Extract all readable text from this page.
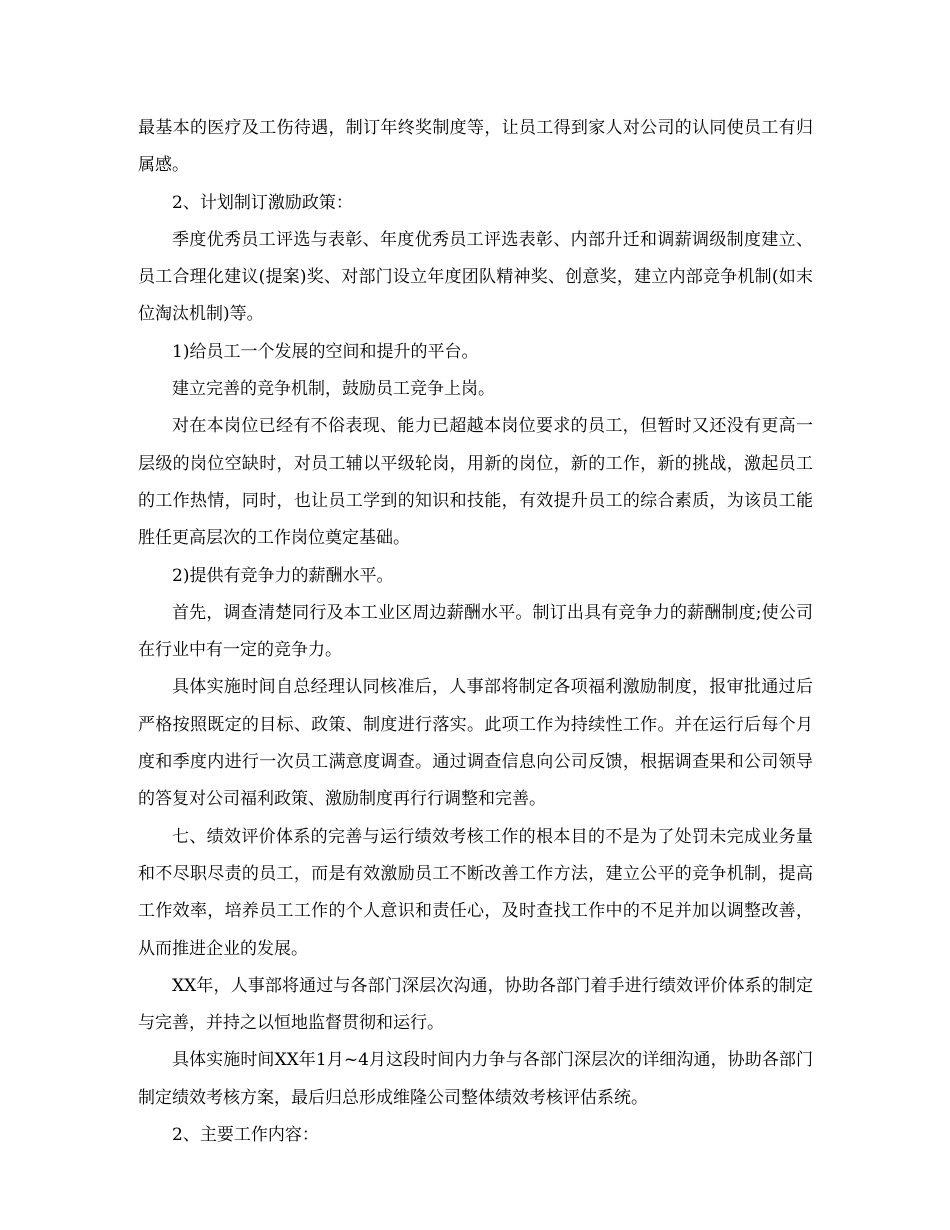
最基本的医疗及工伤待遇，制订年终奖制度等，让员工得到家人对公司的认同使员工有归属感。

2、计划制订激励政策：

季度优秀员工评选与表彰、年度优秀员工评选表彰、内部升迁和调薪调级制度建立、员工合理化建议(提案)奖、对部门设立年度团队精神奖、创意奖，建立内部竞争机制(如末位淘汰机制)等。

1)给员工一个发展的空间和提升的平台。

建立完善的竞争机制，鼓励员工竞争上岗。

对在本岗位已经有不俗表现、能力已超越本岗位要求的员工，但暂时又还没有更高一层级的岗位空缺时，对员工辅以平级轮岗，用新的岗位，新的工作，新的挑战，激起员工的工作热情，同时，也让员工学到的知识和技能，有效提升员工的综合素质，为该员工能胜任更高层次的工作岗位奠定基础。

2)提供有竞争力的薪酬水平。

首先，调查清楚同行及本工业区周边薪酬水平。制订出具有竞争力的薪酬制度;使公司在行业中有一定的竞争力。

具体实施时间自总经理认同核准后，人事部将制定各项福利激励制度，报审批通过后严格按照既定的目标、政策、制度进行落实。此项工作为持续性工作。并在运行后每个月度和季度内进行一次员工满意度调查。通过调查信息向公司反馈，根据调查果和公司领导的答复对公司福利政策、激励制度再行行调整和完善。

七、绩效评价体系的完善与运行绩效考核工作的根本目的不是为了处罚未完成业务量和不尽职尽责的员工，而是有效激励员工不断改善工作方法，建立公平的竞争机制，提高工作效率，培养员工工作的个人意识和责任心，及时查找工作中的不足并加以调整改善，从而推进企业的发展。

XX年，人事部将通过与各部门深层次沟通，协助各部门着手进行绩效评价体系的制定与完善，并持之以恒地监督贯彻和运行。

具体实施时间XX年1月~4月这段时间内力争与各部门深层次的详细沟通，协助各部门制定绩效考核方案，最后归总形成维隆公司整体绩效考核评估系统。

2、主要工作内容：
